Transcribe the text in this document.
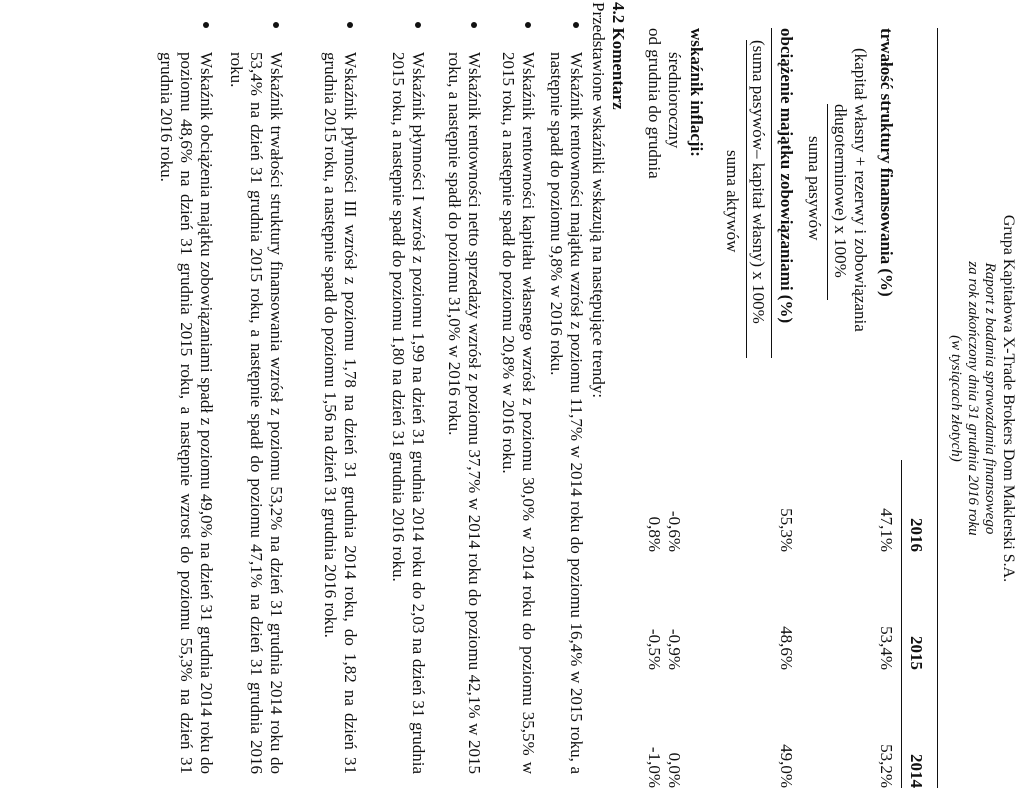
Grupa Kapitałowa X-Trade Brokers Dom Maklerski S.A.
Raport z badania sprawozdania finansowego
za rok zakończony dnia 31 grudnia 2016 roku
(w tysiącach złotych)
2016
2015
2014
trwałość struktury finansowania (%)
47,1%
53,4%
53,2%
(kapitał własny + rezerwy i zobowiązania
długoterminowe) x 100%
suma pasywów
obciążenie majątku zobowiązaniami (%)
55,3%
48,6%
49,0%
(suma pasywów– kapitał własny) x 100%
suma aktywów
wskaźnik inflacji:
średnioroczny
-0,6%
-0,9%
0,0%
od grudnia do grudnia
0,8%
-0,5%
-1,0%
4.2 Komentarz
Przedstawione wskaźniki wskazują na następujące trendy:
Wskaźnik rentowności majątku wzrósł z poziomu 11,7% w 2014 roku do poziomu 16,4% w 2015 roku, a następnie spadł do poziomu 9,8% w 2016 roku.
Wskaźnik rentowności kapitału własnego wzrósł z poziomu 30,0% w 2014 roku do poziomu 35,5% w 2015 roku, a następnie spadł do poziomu 20,8% w 2016 roku.
Wskaźnik rentowności netto sprzedaży wzrósł z poziomu 37,7% w 2014 roku do poziomu 42,1% w 2015 roku, a następnie spadł do poziomu 31,0% w 2016 roku.
Wskaźnik płynności I wzrósł z poziomu 1,99 na dzień 31 grudnia 2014 roku do 2,03 na dzień 31 grudnia 2015 roku, a następnie spadł do poziomu 1,80 na dzień 31 grudnia 2016 roku.
Wskaźnik płynności III wzrósł z poziomu 1,78 na dzień 31 grudnia 2014 roku, do 1,82 na dzień 31 grudnia 2015 roku, a następnie spadł do poziomu 1,56 na dzień 31 grudnia 2016 roku.
Wskaźnik trwałości struktury finansowania wzrósł z poziomu 53,2% na dzień 31 grudnia 2014 roku do 53,4% na dzień 31 grudnia 2015 roku, a następnie spadł do poziomu 47,1% na dzień 31 grudnia 2016 roku.
Wskaźnik obciążenia majątku zobowiązaniami spadł z poziomu 49,0% na dzień 31 grudnia 2014 roku do poziomu 48,6% na dzień 31 grudnia 2015 roku, a następnie wzrost do poziomu 55,3% na dzień 31 grudnia 2016 roku.
